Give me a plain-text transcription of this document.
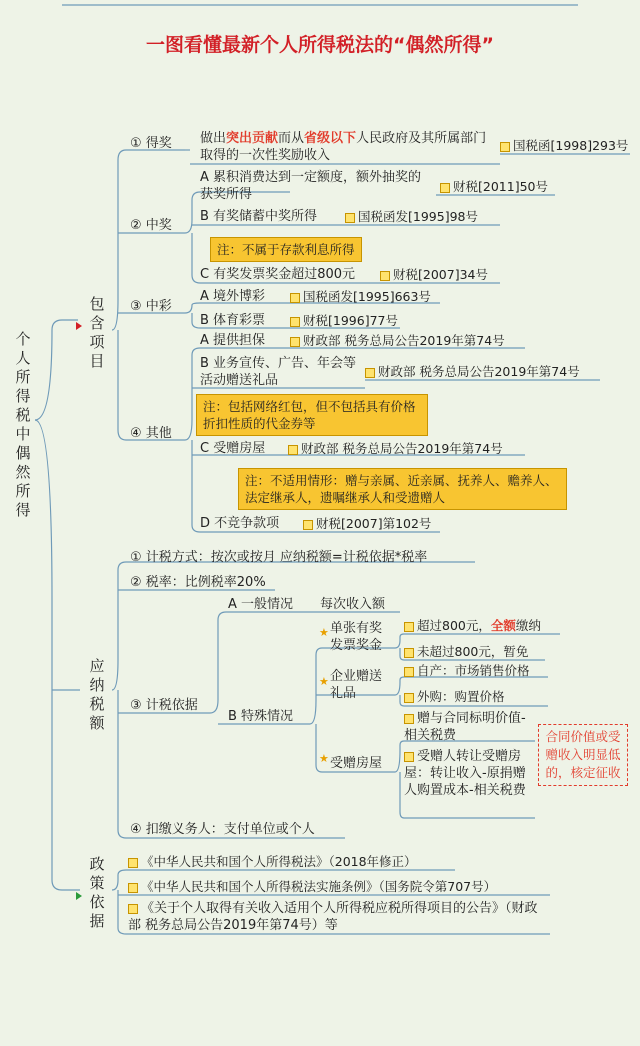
一图看懂最新个人所得税法的“偶然所得”
个人所得税中偶然所得
包含项目
应纳税额
政策依据
① 得奖 做出突出贡献而从省级以下人民政府及其所属部门取得的一次性奖励收入
国税函[1998]293号
② 中奖
A 累积消费达到一定额度，额外抽奖的获奖所得
财税[2011]50号
B 有奖储蓄中奖所得	国税函发[1995]98号
注：不属于存款利息所得
C 有奖发票奖金超过800元	财税[2007]34号
③ 中彩
A 境外博彩	国税函发[1995]663号
B 体育彩票	财税[1996]77号
④ 其他
A 提供担保	财政部 税务总局公告2019年第74号
B 业务宣传、广告、年会等活动赠送礼品
财政部 税务总局公告2019年第74号
注：包括网络红包，但不包括具有价格折扣性质的代金券等
C 受赠房屋	财政部 税务总局公告2019年第74号
注：不适用情形：赠与亲属、近亲属、抚养人、赡养人、法定继承人，遗嘱继承人和受遗赠人
D 不竞争款项	财税[2007]第102号
① 计税方式：按次或按月 应纳税额=计税依据*税率
② 税率：比例税率20%
③ 计税依据
A 一般情况 每次收入额
B 特殊情况
★ 单张有奖发票奖金
超过800元，全额缴纳
未超过800元，暂免
★ 企业赠送礼品
自产：市场销售价格
外购：购置价格
★ 受赠房屋
赠与合同标明价值-相关税费
受赠人转让受赠房屋：转让收入-原捐赠人购置成本-相关税费
合同价值或受赠收入明显低的，核定征收
④ 扣缴义务人：支付单位或个人
《中华人民共和国个人所得税法》（2018年修正）
《中华人民共和国个人所得税法实施条例》（国务院令第707号）
《关于个人取得有关收入适用个人所得税应税所得项目的公告》（财政部 税务总局公告2019年第74号）等
